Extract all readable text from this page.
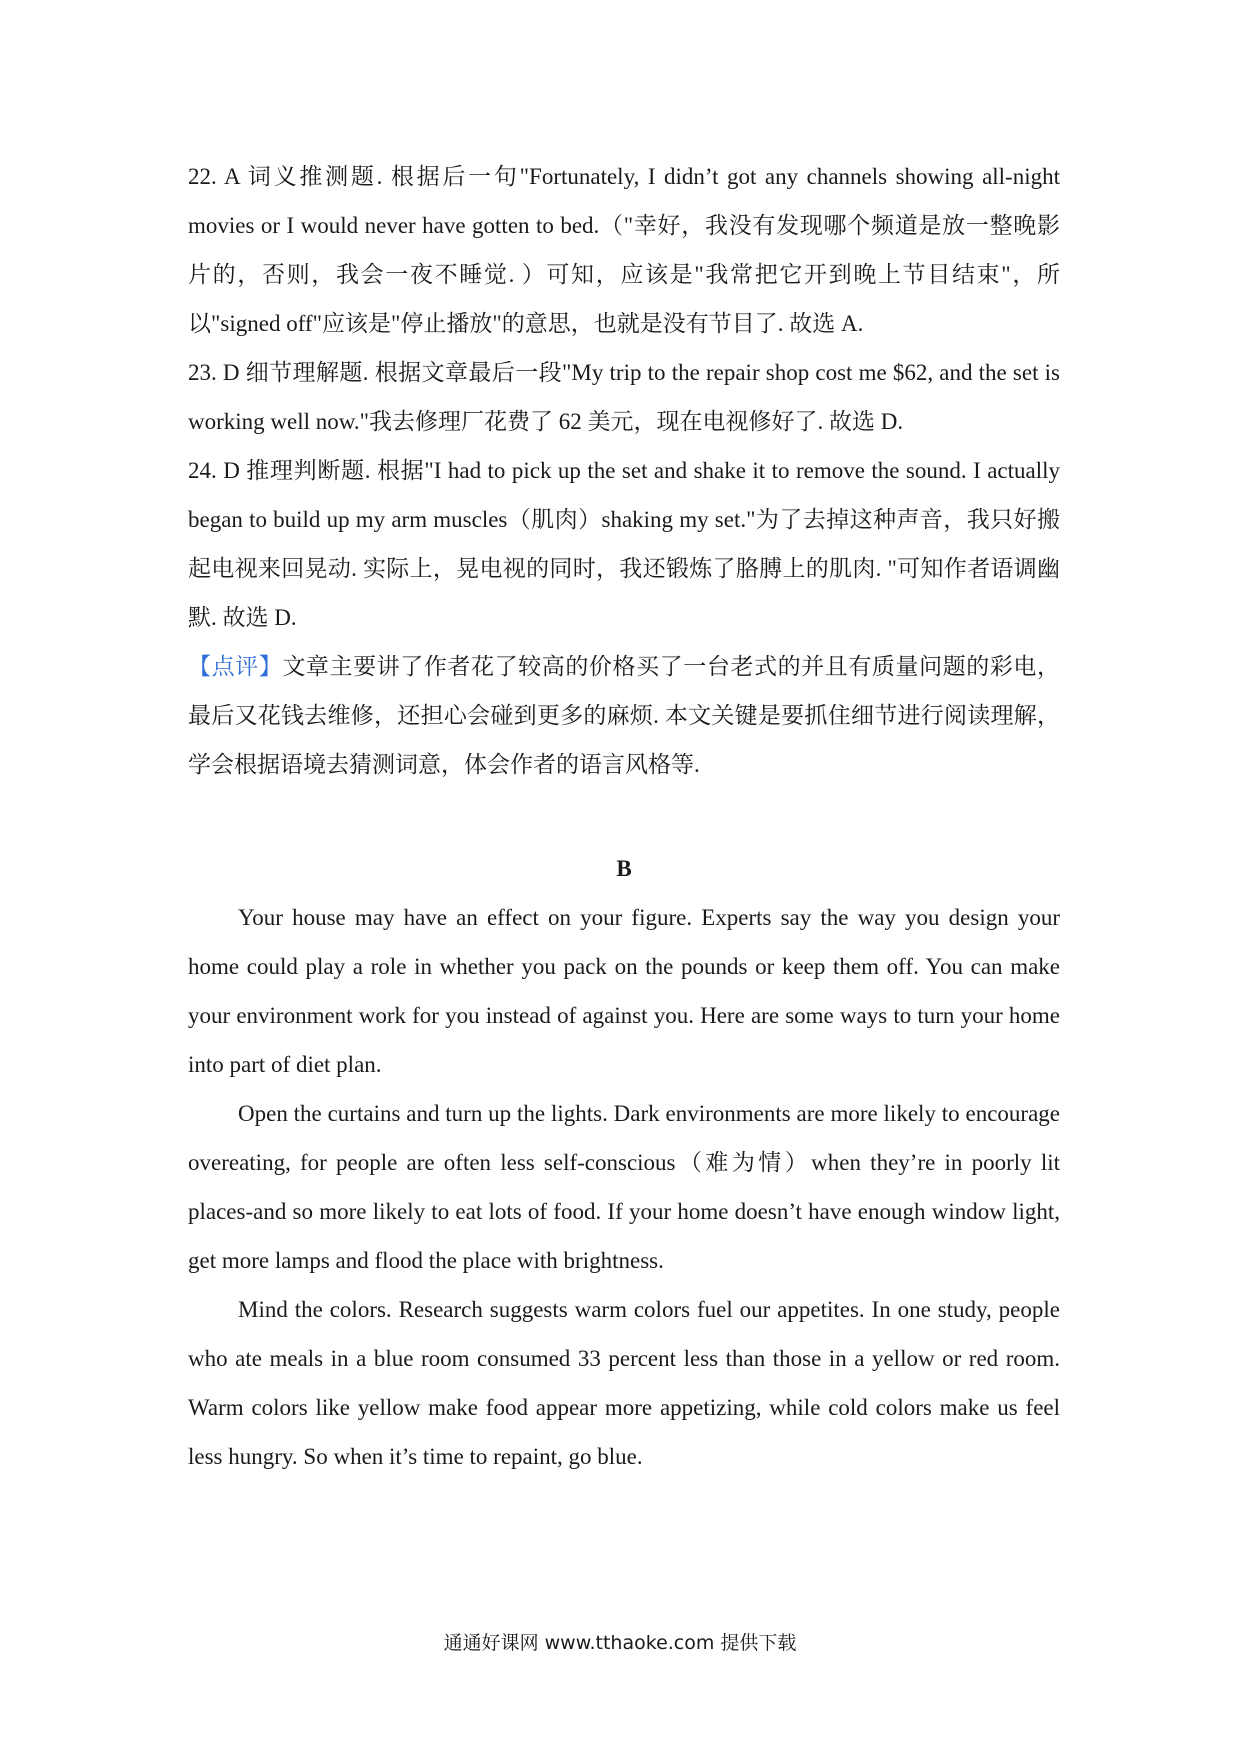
22. A 词义推测题. 根据后一句"Fortunately, I didn’t got any channels showing all-night movies or I would never have gotten to bed.（"幸好，我没有发现哪个频道是放一整晚影片的，否则，我会一夜不睡觉. ）可知，应该是"我常把它开到晚上节目结束"，所以"signed off"应该是"停止播放"的意思，也就是没有节目了. 故选 A.

23. D 细节理解题. 根据文章最后一段"My trip to the repair shop cost me $62, and the set is working well now."我去修理厂花费了 62 美元，现在电视修好了. 故选 D.

24. D 推理判断题. 根据"I had to pick up the set and shake it to remove the sound. I actually began to build up my arm muscles（肌肉）shaking my set."为了去掉这种声音，我只好搬起电视来回晃动. 实际上，晃电视的同时，我还锻炼了胳膊上的肌肉. "可知作者语调幽默. 故选 D.

【点评】文章主要讲了作者花了较高的价格买了一台老式的并且有质量问题的彩电，最后又花钱去维修，还担心会碰到更多的麻烦. 本文关键是要抓住细节进行阅读理解，学会根据语境去猜测词意，体会作者的语言风格等.

B

Your house may have an effect on your figure. Experts say the way you design your home could play a role in whether you pack on the pounds or keep them off. You can make your environment work for you instead of against you. Here are some ways to turn your home into part of diet plan.

Open the curtains and turn up the lights. Dark environments are more likely to encourage overeating, for people are often less self-conscious（难为情）when they’re in poorly lit places-and so more likely to eat lots of food. If your home doesn’t have enough window light, get more lamps and flood the place with brightness.

Mind the colors. Research suggests warm colors fuel our appetites. In one study, people who ate meals in a blue room consumed 33 percent less than those in a yellow or red room. Warm colors like yellow make food appear more appetizing, while cold colors make us feel less hungry. So when it’s time to repaint, go blue.

通通好课网 www.tthaoke.com 提供下载
